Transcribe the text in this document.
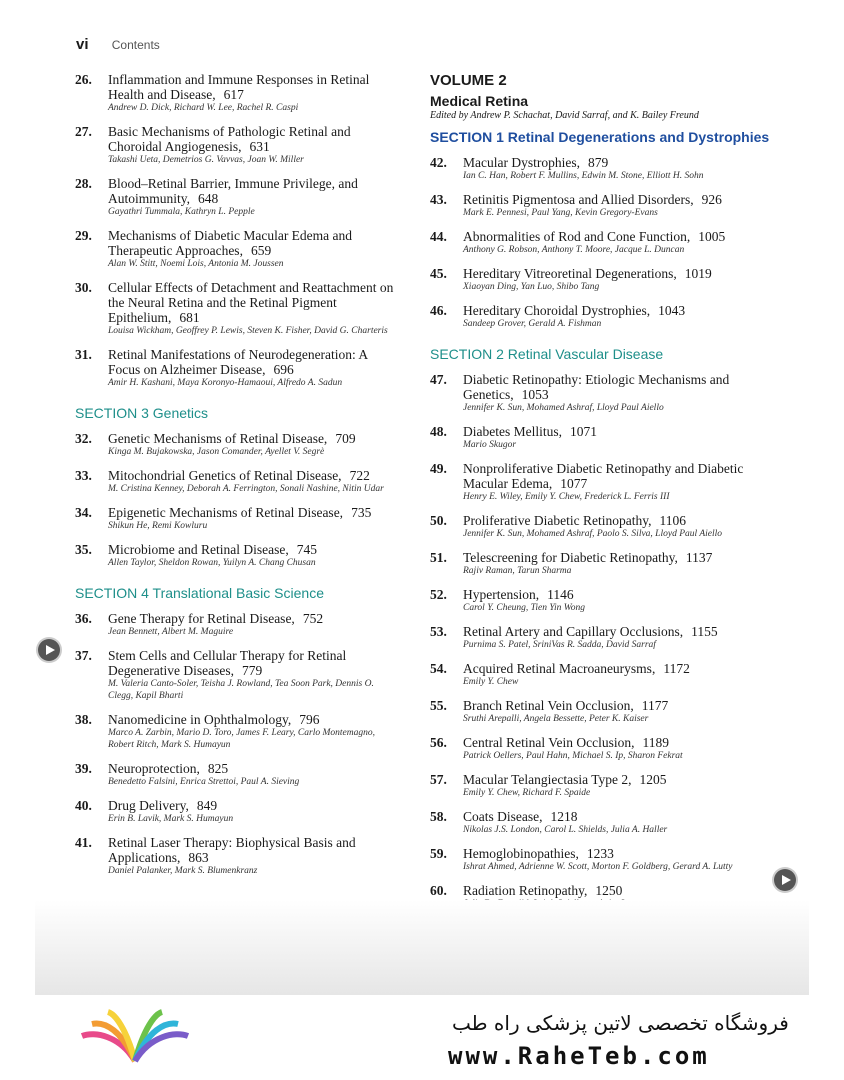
vi Contents
26. Inflammation and Immune Responses in Retinal Health and Disease, 617
Andrew D. Dick, Richard W. Lee, Rachel R. Caspi
27. Basic Mechanisms of Pathologic Retinal and Choroidal Angiogenesis, 631
Takashi Ueta, Demetrios G. Vavvas, Joan W. Miller
28. Blood–Retinal Barrier, Immune Privilege, and Autoimmunity, 648
Gayathri Tummala, Kathryn L. Pepple
29. Mechanisms of Diabetic Macular Edema and Therapeutic Approaches, 659
Alan W. Stitt, Noemi Lois, Antonia M. Joussen
30. Cellular Effects of Detachment and Reattachment on the Neural Retina and the Retinal Pigment Epithelium, 681
Louisa Wickham, Geoffrey P. Lewis, Steven K. Fisher, David G. Charteris
31. Retinal Manifestations of Neurodegeneration: A Focus on Alzheimer Disease, 696
Amir H. Kashani, Maya Koronyo-Hamaoui, Alfredo A. Sadun
SECTION 3 Genetics
32. Genetic Mechanisms of Retinal Disease, 709
Kinga M. Bujakowska, Jason Comander, Ayellet V. Segrè
33. Mitochondrial Genetics of Retinal Disease, 722
M. Cristina Kenney, Deborah A. Ferrington, Sonali Nashine, Nitin Udar
34. Epigenetic Mechanisms of Retinal Disease, 735
Shikun He, Remi Kowluru
35. Microbiome and Retinal Disease, 745
Allen Taylor, Sheldon Rowan, Yuilyn A. Chang Chusan
SECTION 4 Translational Basic Science
36. Gene Therapy for Retinal Disease, 752
Jean Bennett, Albert M. Maguire
37. Stem Cells and Cellular Therapy for Retinal Degenerative Diseases, 779
M. Valeria Canto-Soler, Teisha J. Rowland, Tea Soon Park, Dennis O. Clegg, Kapil Bharti
38. Nanomedicine in Ophthalmology, 796
Marco A. Zarbin, Mario D. Toro, James F. Leary, Carlo Montemagno, Robert Ritch, Mark S. Humayun
39. Neuroprotection, 825
Benedetto Falsini, Enrica Strettoi, Paul A. Sieving
40. Drug Delivery, 849
Erin B. Lavik, Mark S. Humayun
41. Retinal Laser Therapy: Biophysical Basis and Applications, 863
Daniel Palanker, Mark S. Blumenkranz
VOLUME 2
Medical Retina
Edited by Andrew P. Schachat, David Sarraf, and K. Bailey Freund
SECTION 1 Retinal Degenerations and Dystrophies
42. Macular Dystrophies, 879
Ian C. Han, Robert F. Mullins, Edwin M. Stone, Elliott H. Sohn
43. Retinitis Pigmentosa and Allied Disorders, 926
Mark E. Pennesi, Paul Yang, Kevin Gregory-Evans
44. Abnormalities of Rod and Cone Function, 1005
Anthony G. Robson, Anthony T. Moore, Jacque L. Duncan
45. Hereditary Vitreoretinal Degenerations, 1019
Xiaoyan Ding, Yan Luo, Shibo Tang
46. Hereditary Choroidal Dystrophies, 1043
Sandeep Grover, Gerald A. Fishman
SECTION 2 Retinal Vascular Disease
47. Diabetic Retinopathy: Etiologic Mechanisms and Genetics, 1053
Jennifer K. Sun, Mohamed Ashraf, Lloyd Paul Aiello
48. Diabetes Mellitus, 1071
Mario Skugor
49. Nonproliferative Diabetic Retinopathy and Diabetic Macular Edema, 1077
Henry E. Wiley, Emily Y. Chew, Frederick L. Ferris III
50. Proliferative Diabetic Retinopathy, 1106
Jennifer K. Sun, Mohamed Ashraf, Paolo S. Silva, Lloyd Paul Aiello
51. Telescreening for Diabetic Retinopathy, 1137
Rajiv Raman, Tarun Sharma
52. Hypertension, 1146
Carol Y. Cheung, Tien Yin Wong
53. Retinal Artery and Capillary Occlusions, 1155
Purnima S. Patel, SriniVas R. Sadda, David Sarraf
54. Acquired Retinal Macroaneurysms, 1172
Emily Y. Chew
55. Branch Retinal Vein Occlusion, 1177
Sruthi Arepalli, Angela Bessette, Peter K. Kaiser
56. Central Retinal Vein Occlusion, 1189
Patrick Oellers, Paul Hahn, Michael S. Ip, Sharon Fekrat
57. Macular Telangiectasia Type 2, 1205
Emily Y. Chew, Richard F. Spaide
58. Coats Disease, 1218
Nikolas J.S. London, Carol L. Shields, Julia A. Haller
59. Hemoglobinopathies, 1233
Ishrat Ahmed, Adrienne W. Scott, Morton F. Goldberg, Gerard A. Lutty
60. Radiation Retinopathy, 1250
فروشگاه تخصصی لاتین پزشکی راه طب
www.RaheTeb.com
